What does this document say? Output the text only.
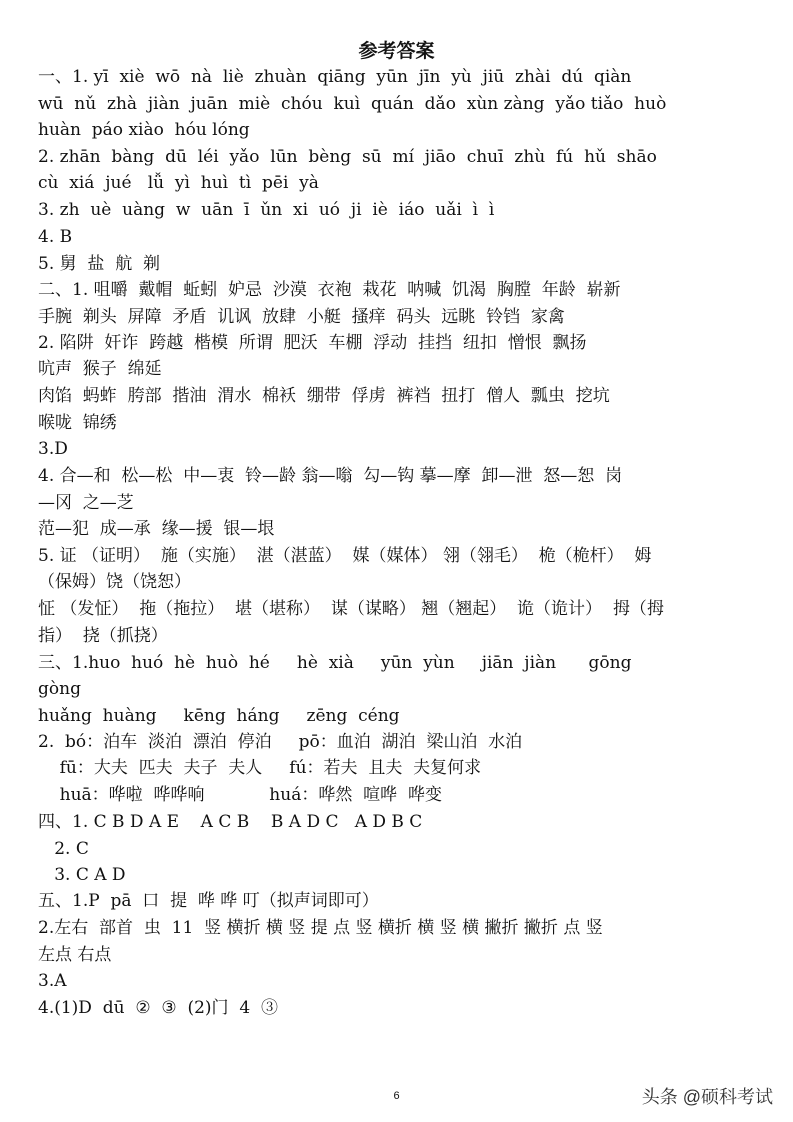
参考答案
一、1. yī  xiè  wō  nà  liè  zhuàn  qiāng  yūn  jīn  yù  jiū  zhài  dú  qiàn
wū  nǔ  zhà  jiàn  juān  miè  chóu  kuì  quán  dǎo  xùn zàng  yǎo tiǎo  huò
huàn  páo xiào  hóu lóng
2. zhān  bàng  dū  léi  yǎo  lūn  bèng  sū  mí  jiāo  chuī  zhù  fú  hǔ  shāo
cù  xiá  jué   lǚ  yì  huì  tì  pēi  yà
3. zh  uè  uàng  w  uān  ī  ǔn  xi  uó  ji  iè  iáo  uǎi  ì  ì
4. B
5. 舅  盐  航  剃
二、1. 咀嚼  戴帽  蚯蚓  妒忌  沙漠  衣袍  栽花  呐喊  饥渴  胸膛  年龄  崭新
手腕  剃头  屏障  矛盾  讥讽  放肆  小艇  搔痒  码头  远眺  铃铛  家禽
2. 陷阱  奸诈  跨越  楷模  所谓  肥沃  车棚  浮动  挂挡  纽扣  憎恨  飘扬
吭声  猴子  绵延
肉馅  蚂蚱  胯部  揩油  渭水  棉袄  绷带  俘虏  裤裆  扭打  僧人  瓢虫  挖坑
喉咙  锦绣
3.D
4. 合—和  松—松  中—衷  铃—龄 翁—嗡  勾—钩 摹—摩  卸—泄  怒—恕  岗
—冈  之—芝
范—犯  成—承  缘—援  银—垠
5. 证 （证明）  施（实施）  湛（湛蓝）  媒（媒体） 翎（翎毛）  桅（桅杆）  姆
（保姆）饶（饶恕）
怔 （发怔）  拖（拖拉）  堪（堪称）  谋（谋略） 翘（翘起）  诡（诡计）  拇（拇
指）  挠（抓挠）
三、1.huo  huó  hè  huò  hé     hè  xià     yūn  yùn     jiān  jiàn      gōng
gòng
huǎng  huàng     kēng  háng     zēng  céng
2.  bó：泊车  淡泊  漂泊  停泊     pō：血泊  湖泊  梁山泊  水泊
fū：大夫  匹夫  夫子  夫人     fú：若夫  且夫  夫复何求
huā：哗啦  哗哗响            huá：哗然  喧哗  哗变
四、1. C B D A E    A C B    B A D C   A D B C
2. C
3. C A D
五、1.P  pā  口  提  哗 哗 叮（拟声词即可）
2.左右  部首  虫  11  竖 横折 横 竖 提 点 竖 横折 横 竖 横 撇折 撇折 点 竖
左点 右点
3.A
4.(1)D  dū  ②  ③  (2)门  4  ③
6	头条 @硕科考试
